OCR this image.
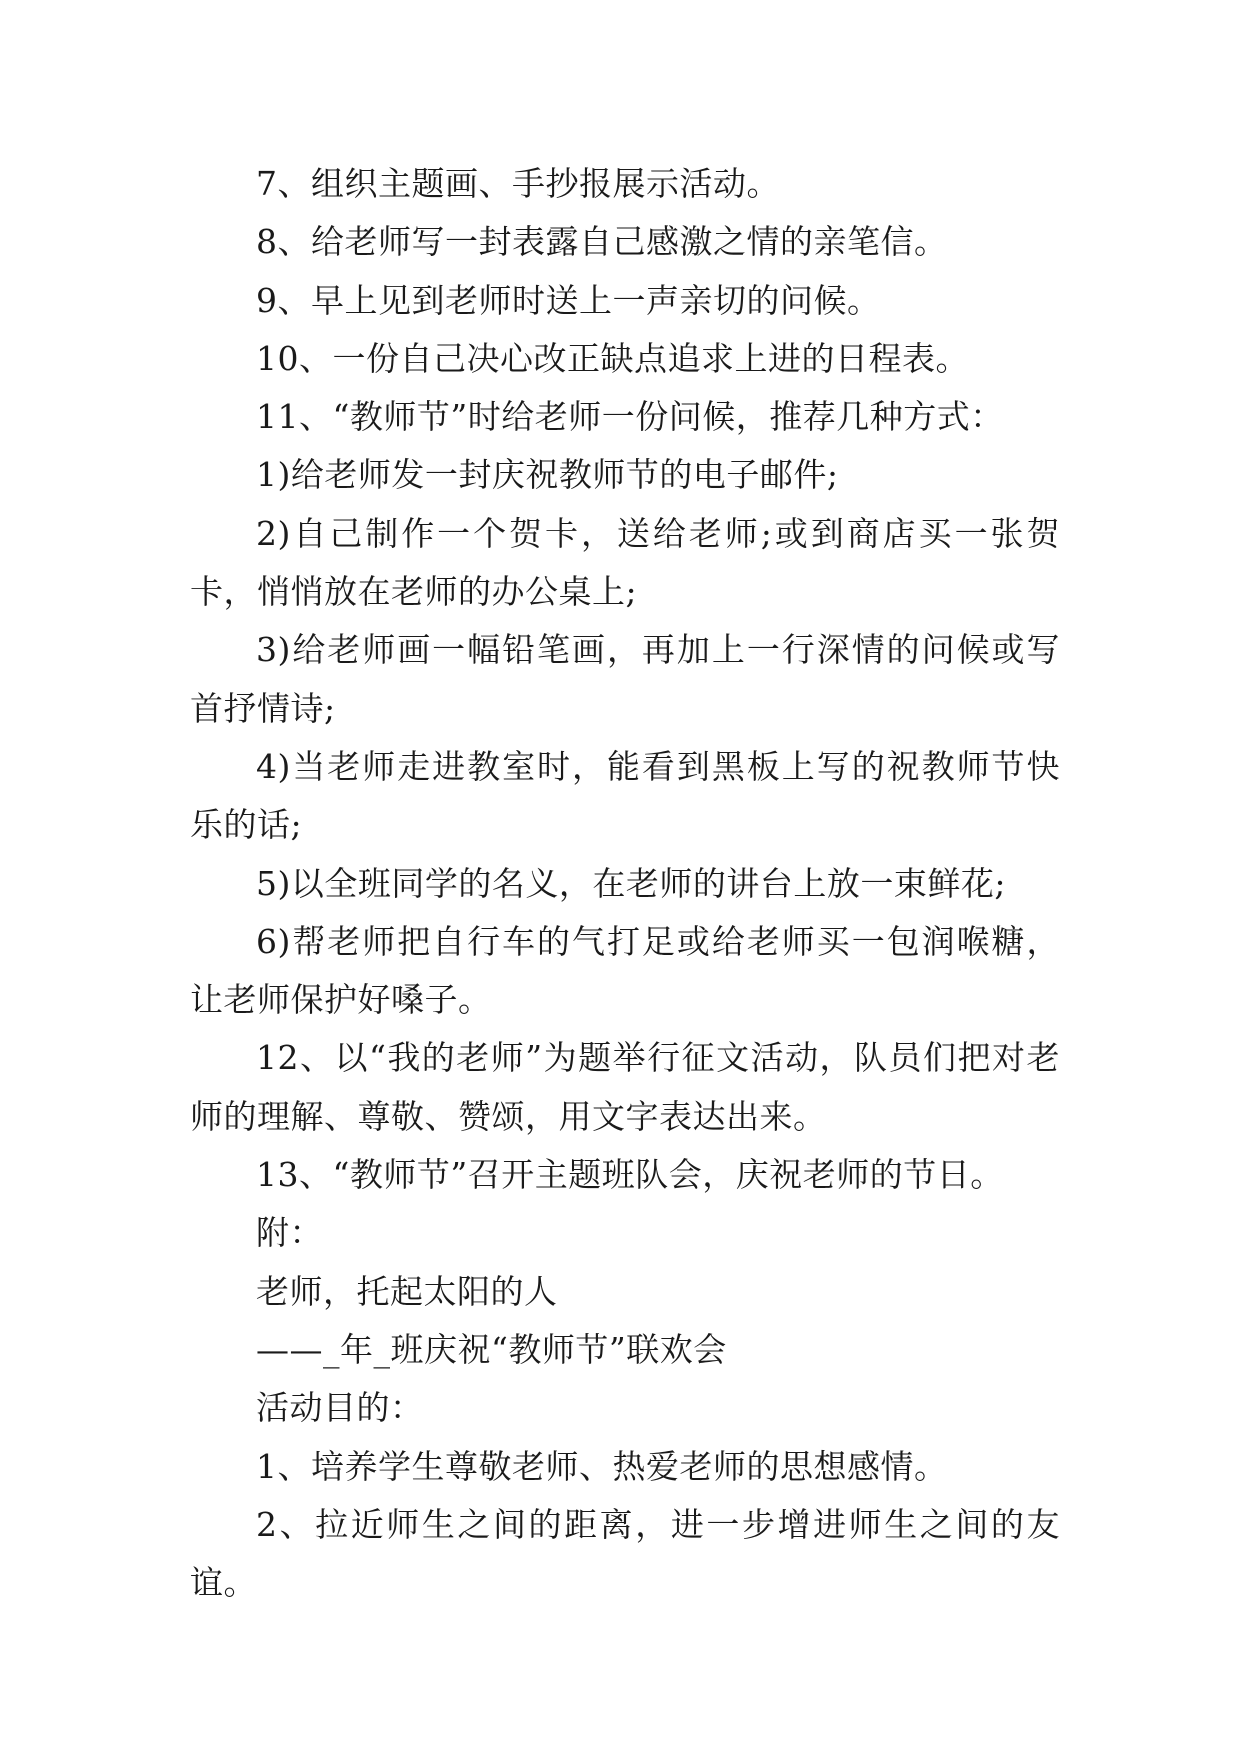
7、组织主题画、手抄报展示活动。

8、给老师写一封表露自己感激之情的亲笔信。

9、早上见到老师时送上一声亲切的问候。

10、一份自己决心改正缺点追求上进的日程表。

11、“教师节”时给老师一份问候，推荐几种方式：

1)给老师发一封庆祝教师节的电子邮件;

2)自己制作一个贺卡，送给老师;或到商店买一张贺卡，悄悄放在老师的办公桌上;

3)给老师画一幅铅笔画，再加上一行深情的问候或写首抒情诗;

4)当老师走进教室时，能看到黑板上写的祝教师节快乐的话;

5)以全班同学的名义，在老师的讲台上放一束鲜花;

6)帮老师把自行车的气打足或给老师买一包润喉糖，让老师保护好嗓子。

12、以“我的老师”为题举行征文活动，队员们把对老师的理解、尊敬、赞颂，用文字表达出来。

13、“教师节”召开主题班队会，庆祝老师的节日。

附：

老师，托起太阳的人

——_年_班庆祝“教师节”联欢会

活动目的：

1、培养学生尊敬老师、热爱老师的思想感情。

2、拉近师生之间的距离，进一步增进师生之间的友谊。
